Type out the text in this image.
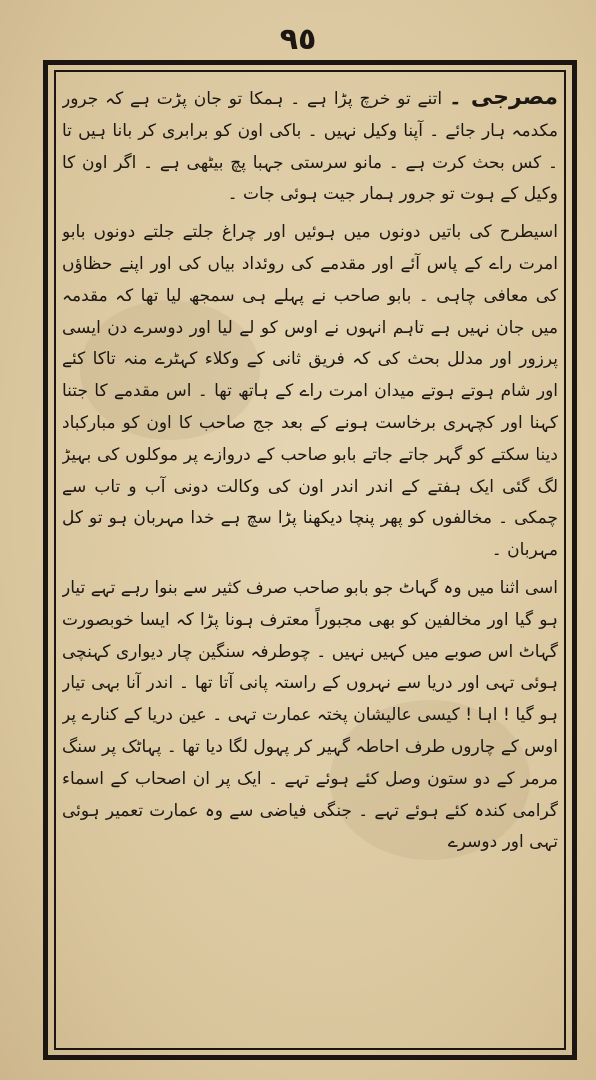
٩٥

مصرجی ۔ اتنے تو خرچ پڑا ہے ۔ ہمکا تو جان پڑت ہے کہ جرور مکدمہ ہار جائے ۔ آپنا وکیل نہیں ۔ باکی اون کو برابری کر بانا ہیں تا ۔ کس بحث کرت ہے ۔ مانو سرستی جہبا پچ بیٹھی ہے ۔ اگر اون کا وکیل کے ہوت تو جرور ہمار جیت ہوئی جات ۔

اسیطرح کی باتیں دونوں میں ہوئیں اور چراغ جلتے جلتے دونوں بابو امرت راے کے پاس آئے اور مقدمے کی روئداد بیاں کی اور اپنے حظاؤں کی معافی چاہی ۔ بابو صاحب نے پہلے ہی سمجھ لیا تھا کہ مقدمہ میں جان نہیں ہے تاہم انہوں نے اوس کو لے لیا اور دوسرے دن ایسی پرزور اور مدلل بحث کی کہ فریق ثانی کے وکلاء کہٹرے منہ تاکا کئے اور شام ہوتے ہوتے میدان امرت راے کے ہاتھ تھا ۔ اس مقدمے کا جتنا کہنا اور کچہری برخاست ہونے کے بعد جج صاحب کا اون کو مبارکباد دینا سکتے کو گہر جاتے جاتے بابو صاحب کے دروازے پر موکلوں کی بہیڑ لگ گئی ایک ہفتے کے اندر اندر اون کی وکالت دونی آب و تاب سے چمکی ۔ مخالفوں کو پھر پنچا دیکھنا پڑا سچ ہے خدا مہربان ہو تو کل مہربان ۔

اسی اثنا میں وہ گہاٹ جو بابو صاحب صرف کثیر سے بنوا رہے تہے تیار ہو گیا اور مخالفین کو بھی مجبوراً معترف ہونا پڑا کہ ایسا خوبصورت گہاٹ اس صوبے میں کہیں نہیں ۔ چوطرفہ سنگین چار دیواری کہنچی ہوئی تہی اور دریا سے نہروں کے راستہ پانی آتا تھا ۔ اندر آنا بہی تیار ہو گیا ! اہا ! کیسی عالیشان پختہ عمارت تہی ۔ عین دریا کے کنارے پر اوس کے چاروں طرف احاطہ گہیر کر پہول لگا دیا تھا ۔ پہاٹک پر سنگ مرمر کے دو ستون وصل کئے ہوئے تہے ۔ ایک پر ان اصحاب کے اسماء گرامی کندہ کئے ہوئے تہے ۔ جنگی فیاضی سے وہ عمارت تعمیر ہوئی تہی اور دوسرے
